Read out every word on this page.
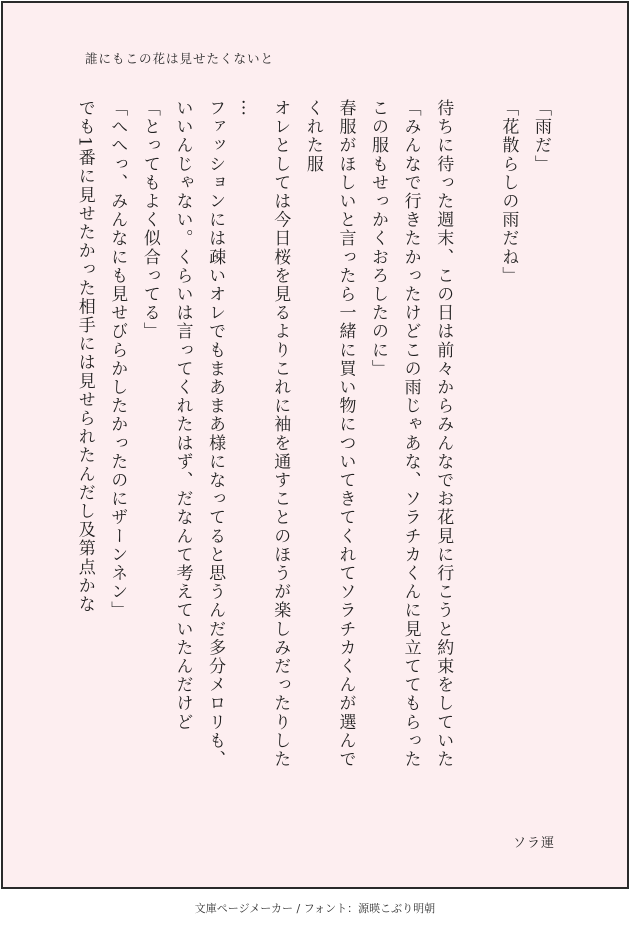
誰にもこの花は見せたくないと

「雨だ」

「花散らしの雨だね」

待ちに待った週末、この日は前々からみんなでお花見に行こうと約束をしていた

「みんなで行きたかったけどこの雨じゃあな、ソラチカくんに見立ててもらった

この服もせっかくおろしたのに」

春服がほしいと言ったら一緒に買い物についてきてくれてソラチカくんが選んで

くれた服

オレとしては今日桜を見るよりこれに袖を通すことのほうが楽しみだったりした

…

ファッションには疎いオレでもまあまあ様になってると思うんだ多分メロリも、

いいんじゃない。くらいは言ってくれたはず、だなんて考えていたんだけど

「とってもよく似合ってる」

「へへっ、みんなにも見せびらかしたかったのにザーンネン」

でも1番に見せたかった相手には見せられたんだし及第点かな

ソラ運
文庫ページメーカー / フォント：源暎こぶり明朝
